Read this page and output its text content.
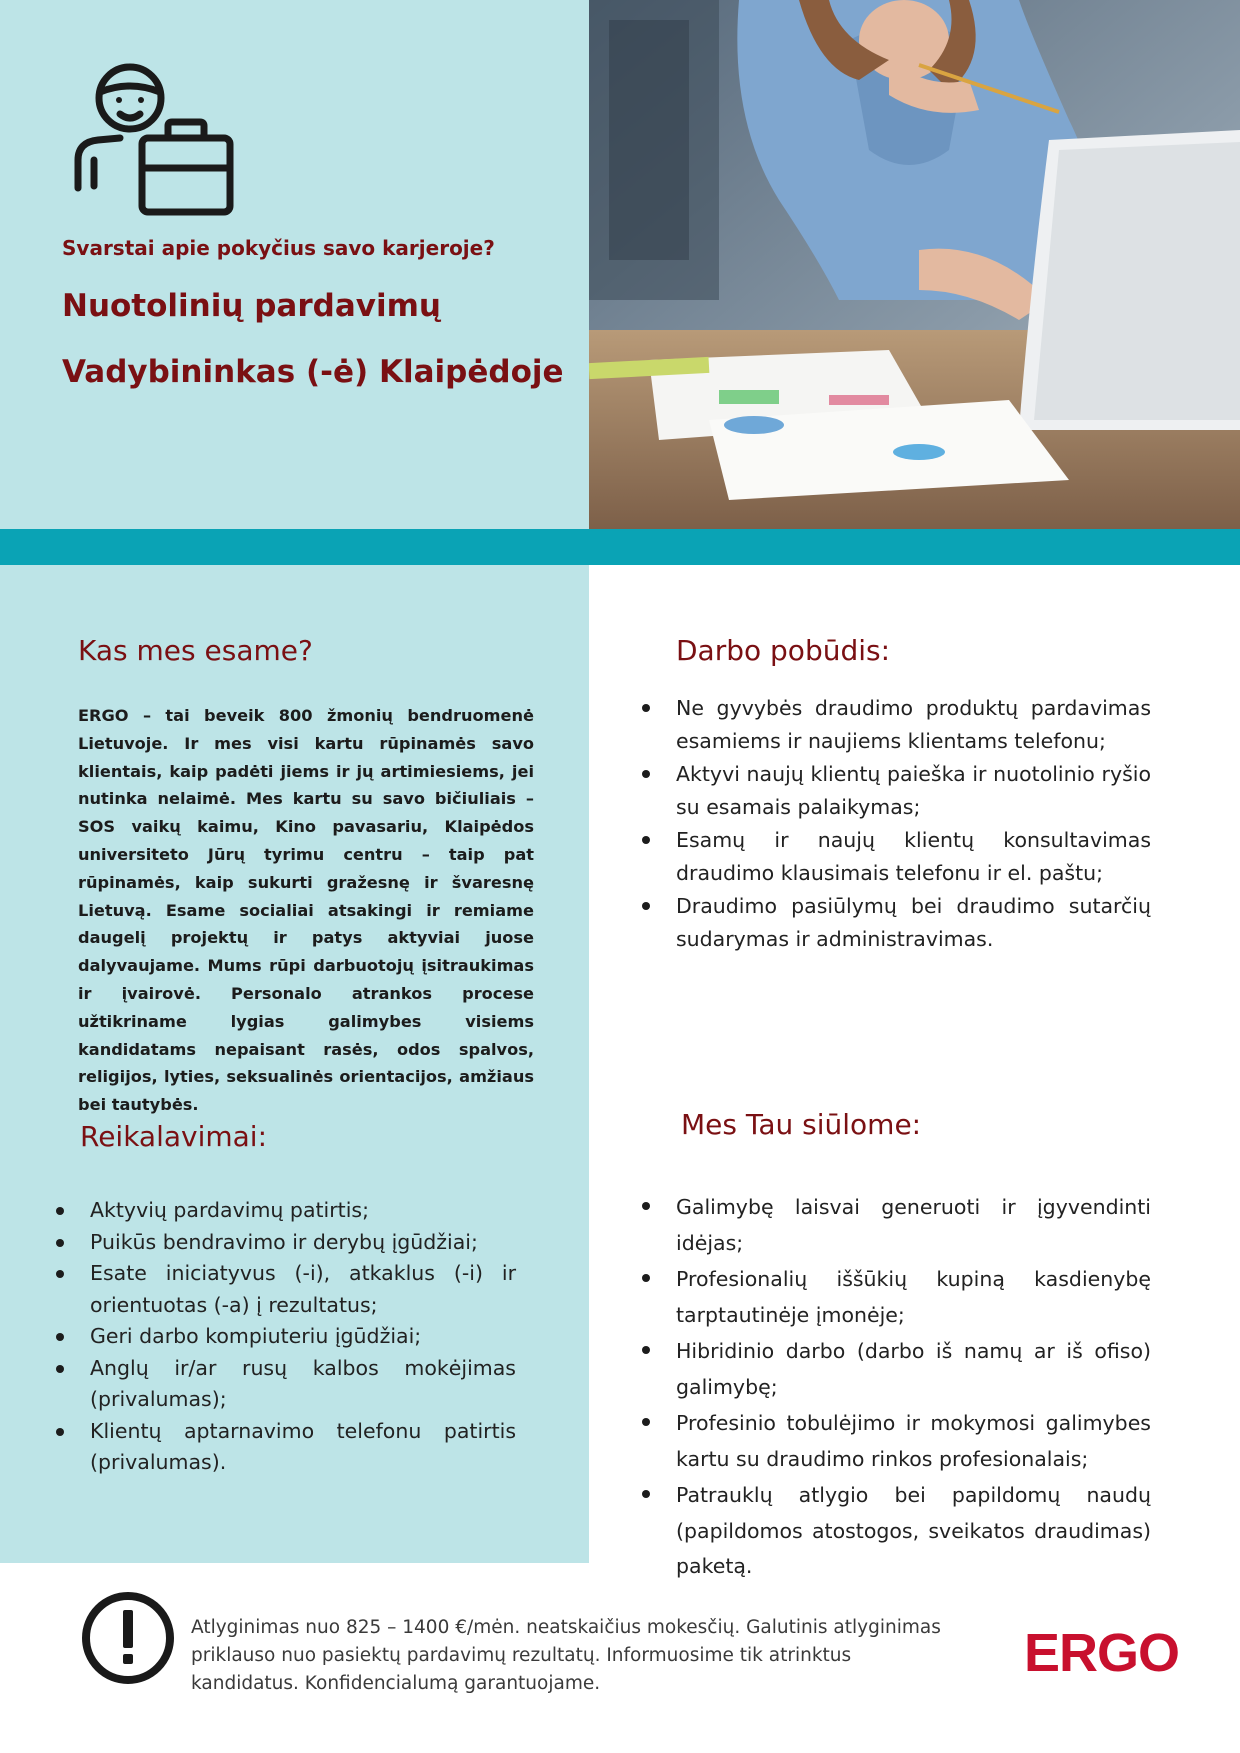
Svarstai apie pokyčius savo karjeroje?
Nuotolinių pardavimų
Vadybininkas (-ė) Klaipėdoje
Kas mes esame?
ERGO – tai beveik 800 žmonių bendruomenė Lietuvoje. Ir mes visi kartu rūpinamės savo klientais, kaip padėti jiems ir jų artimiesiems, jei nutinka nelaimė. Mes kartu su savo bičiuliais – SOS vaikų kaimu, Kino pavasariu, Klaipėdos universiteto Jūrų tyrimu centru – taip pat rūpinamės, kaip sukurti gražesnę ir švaresnę Lietuvą. Esame socialiai atsakingi ir remiame daugelį projektų ir patys aktyviai juose dalyvaujame. Mums rūpi darbuotojų įsitraukimas ir įvairovė. Personalo atrankos procese užtikriname lygias galimybes visiems kandidatams nepaisant rasės, odos spalvos, religijos, lyties, seksualinės orientacijos, amžiaus bei tautybės.
Darbo pobūdis:
Ne gyvybės draudimo produktų pardavimas esamiems ir naujiems klientams telefonu;
Aktyvi naujų klientų paieška ir nuotolinio ryšio su esamais palaikymas;
Esamų ir naujų klientų konsultavimas draudimo klausimais telefonu ir el. paštu;
Draudimo pasiūlymų bei draudimo sutarčių sudarymas ir administravimas.
Reikalavimai:
Aktyvių pardavimų patirtis;
Puikūs bendravimo ir derybų įgūdžiai;
Esate iniciatyvus (-i), atkaklus (-i) ir orientuotas (-a) į rezultatus;
Geri darbo kompiuteriu įgūdžiai;
Anglų ir/ar rusų kalbos mokėjimas (privalumas);
Klientų aptarnavimo telefonu patirtis (privalumas).
Mes Tau siūlome:
Galimybę laisvai generuoti ir įgyvendinti idėjas;
Profesionalių iššūkių kupiną kasdienybę tarptautinėje įmonėje;
Hibridinio darbo (darbo iš namų ar iš ofiso) galimybę;
Profesinio tobulėjimo ir mokymosi galimybes kartu su draudimo rinkos profesionalais;
Patrauklų atlygio bei papildomų naudų (papildomos atostogos, sveikatos draudimas) paketą.
Atlyginimas nuo 825 – 1400 €/mėn. neatskaičius mokesčių. Galutinis atlyginimas priklauso nuo pasiektų pardavimų rezultatų. Informuosime tik atrinktus kandidatus. Konfidencialumą garantuojame.
ERGO
